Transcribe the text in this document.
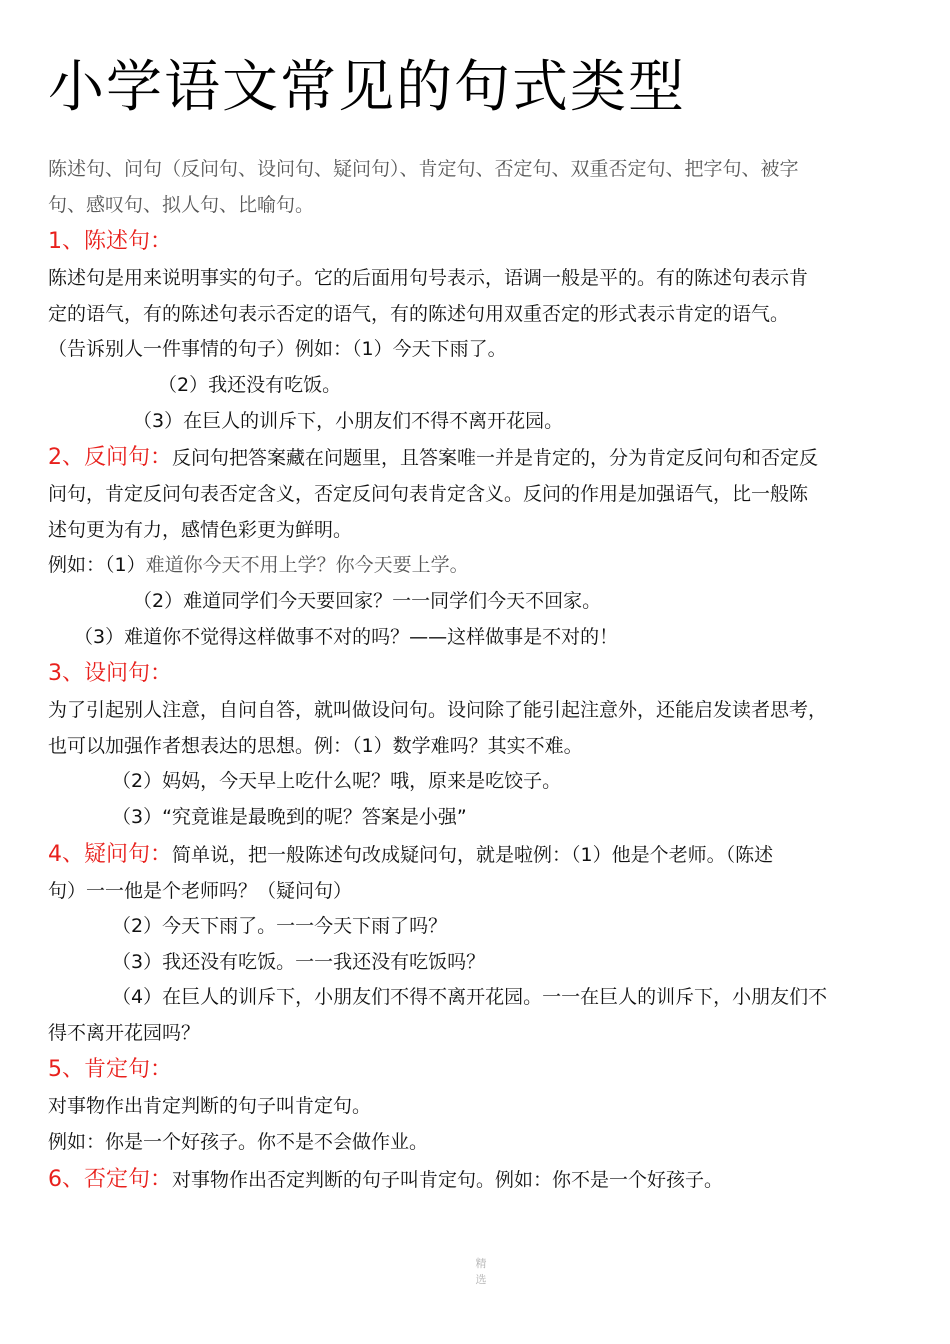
小学语文常见的句式类型

陈述句、问句（反问句、设问句、疑问句）、肯定句、否定句、双重否定句、把字句、被字

句、感叹句、拟人句、比喻句。

1、陈述句：

陈述句是用来说明事实的句子。它的后面用句号表示，语调一般是平的。有的陈述句表示肯

定的语气，有的陈述句表示否定的语气，有的陈述句用双重否定的形式表示肯定的语气。

（告诉别人一件事情的句子）例如：（1）今天下雨了。

（2）我还没有吃饭。

（3）在巨人的训斥下，小朋友们不得不离开花园。

2、反问句：反问句把答案藏在问题里，且答案唯一并是肯定的，分为肯定反问句和否定反

问句，肯定反问句表否定含义，否定反问句表肯定含义。反问的作用是加强语气，比一般陈

述句更为有力，感情色彩更为鲜明。

例如：（1）难道你今天不用上学？你今天要上学。

（2）难道同学们今天要回家？一一同学们今天不回家。

（3）难道你不觉得这样做事不对的吗？——这样做事是不对的！

3、设问句：

为了引起别人注意，自问自答，就叫做设问句。设问除了能引起注意外，还能启发读者思考，

也可以加强作者想表达的思想。例：（1）数学难吗？其实不难。

（2）妈妈，今天早上吃什么呢？哦，原来是吃饺子。

（3）“究竟谁是最晚到的呢？答案是小强”

4、疑问句：简单说，把一般陈述句改成疑问句，就是啦例：（1）他是个老师。（陈述

句）一一他是个老师吗？（疑问句）

（2）今天下雨了。一一今天下雨了吗？

（3）我还没有吃饭。一一我还没有吃饭吗？

（4）在巨人的训斥下，小朋友们不得不离开花园。一一在巨人的训斥下，小朋友们不

得不离开花园吗？

5、肯定句：

对事物作出肯定判断的句子叫肯定句。

例如：你是一个好孩子。你不是不会做作业。

6、否定句：对事物作出否定判断的句子叫肯定句。例如：你不是一个好孩子。
精选
